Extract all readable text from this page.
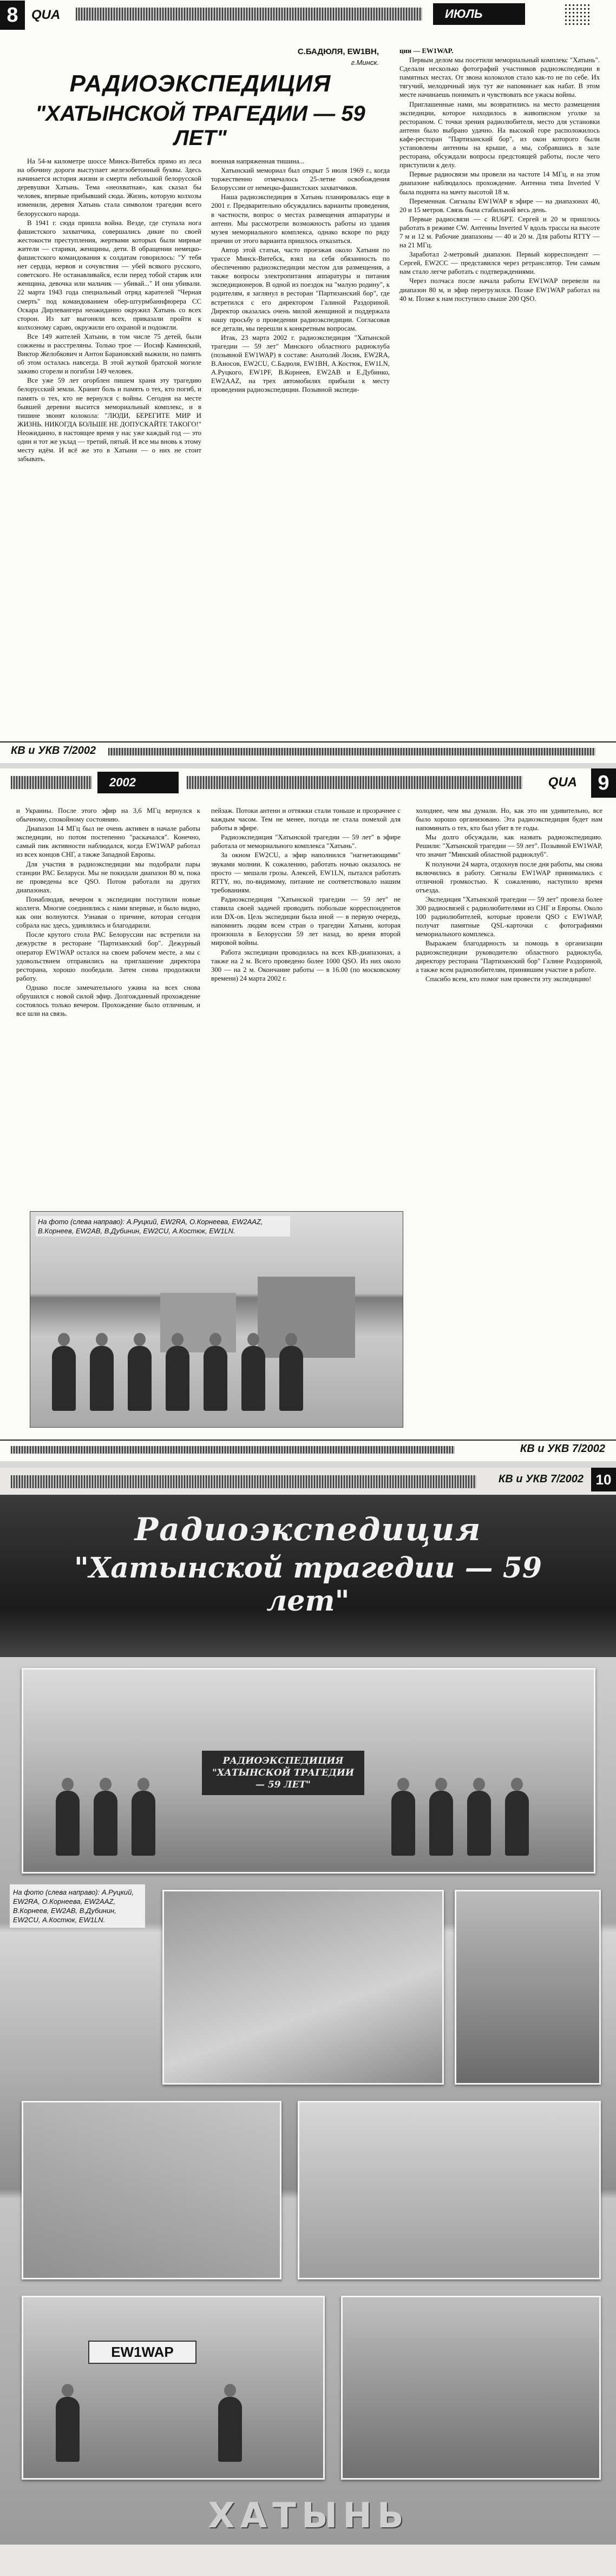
8	QUA	ИЮЛЬ
С.БАДЮЛЯ, EW1BH,
г.Минск.
РАДИОЭКСПЕДИЦИЯ
"ХАТЫНСКОЙ ТРАГЕДИИ — 59 ЛЕТ"

На 54-м километре шоссе Минск-Витебск прямо из леса на обочину дороги выступает железобетонный буквы. Здесь начинается история жизни и смерти небольшой белорусской деревушки Хатынь. Тема «неохватная», как сказал бы человек, впервые прибывший сюда. Жизнь, которую колхозы изменили, деревня Хатынь стала символом трагедии всего белорусского народа.

В 1941 г. сюда пришла война. Везде, где ступала нога фашистского захватчика, совершались дикие по своей жестокости преступления, жертвами которых были мирные жители — старики, женщины, дети. В обращении немецко-фашистского командования к солдатам говорилось: "У тебя нет сердца, нервов и сочувствия — убей всякого русского, советского. Не останавливайся, если перед тобой старик или женщина, девочка или мальчик — убивай..." И они убивали. 22 марта 1943 года специальный отряд карателей "Черная смерть" под командованием обер-штурмбаннфюрера СС Оскара Дирлевангера неожиданно окружил Хатынь со всех сторон. Из хат выгоняли всех, приказали пройти к колхозному сараю, окружили его охраной и подожгли.

Все 149 жителей Хатыни, в том числе 75 детей, были сожжены и расстреляны. Только трое — Иосиф Каминский, Виктор Желобкович и Антон Барановский выжили, но память об этом осталась навсегда. В этой жуткой братской могиле заживо сгорели и погибли 149 человек.

Все уже 59 лет огорблен пишем храня эту трагедию белорусский земли. Хранит боль и память о тех, кто погиб, и память о тех, кто не вернулся с войны. Сегодня на месте бывшей деревни высится мемориальный комплекс, и в тишине звонят колокола: "ЛЮДИ, БЕРЕГИТЕ МИР И ЖИЗНЬ. НИКОГДА БОЛЬШЕ НЕ ДОПУСКАЙТЕ ТАКОГО!" Неожиданно, в настоящее время у нас уже каждый год — это один и тот же уклад — третий, пятый. И все мы вновь к этому месту идём. И всё же это в Хатыни — о них не стоит забывать.

военная напряженная тишина...

Хатынский мемориал был открыт 5 июля 1969 г., когда торжественно отмечалось 25-летие освобождения Белоруссии от немецко-фашистских захватчиков.

Наша радиоэкспедиция в Хатынь планировалась еще в 2001 г. Предварительно обсуждались варианты проведения, в частности, вопрос о местах размещения аппаратуры и антенн. Мы рассмотрели возможность работы из здания музея мемориального комплекса, однако вскоре по ряду причин от этого варианта пришлось отказаться.

Автор этой статьи, часто проезжая около Хатыни по трассе Минск-Витебск, взял на себя обязанность по обеспечению радиоэкспедиции местом для размещения, а также вопросы электропитания аппаратуры и питания экспедиционеров. В одной из поездок на "малую родину", к родителям, я заглянул в ресторан "Партизанский бор", где встретился с его директором Галиной Раздориной. Директор оказалась очень милой женщиной и поддержала нашу просьбу о проведении радиоэкспедиции. Согласовав все детали, мы перешли к конкретным вопросам.

Итак, 23 марта 2002 г. радиоэкспедиция "Хатынской трагедии — 59 лет" Минского областного радиоклуба (позывной EW1WAP) в составе: Анатолий Лосик, EW2RA, В.Аносов, EW2CU, С.Бадюля, EW1BH, А.Костюк, EW1LN, А.Руцкого, EW1PF, В.Корнеев, EW2AB и Е.Дубинко, EW2AAZ, на трех автомобилях прибыли к месту проведения радиоэкспедиции. Позывной экспеди-

ции — EW1WAP.

Первым делом мы посетили мемориальный комплекс "Хатынь". Сделали несколько фотографий участников радиоэкспедиции в памятных местах. От звона колоколов стало как-то не по себе. Их тягучий, мелодичный звук тут же напоминает как набат. В этом месте начинаешь понимать и чувствовать все ужасы войны.

Приглашенные нами, мы возвратились на место размещения экспедиции, которое находилось в живописном уголке за рестораном. С точки зрения радиолюбителя, место для установки антенн было выбрано удачно. На высокой горе расположилось кафе-ресторан "Партизанский бор", из окон которого были установлены антенны на крыше, а мы, собравшись в зале ресторана, обсуждали вопросы предстоящей работы, после чего приступили к делу.

Первые радиосвязи мы провели на частоте 14 МГц, и на этом диапазоне наблюдалось прохождение. Антенна типа Inverted V была поднята на мачту высотой 18 м.

Переменная. Сигналы EW1WAP в эфире — на диапазонах 40, 20 и 15 метров. Связь была стабильной весь день.

Первые радиосвязи — с RU6PT. Сергей и 20 м пришлось работать в режиме CW. Антенны Inverted V вдоль трассы на высоте 7 м и 12 м. Рабочие диапазоны — 40 и 20 м. Для работы RTTY — на 21 МГц.

Заработал 2-метровый диапазон. Первый корреспондент — Сергей, EW2CC — представился через ретранслятор. Тем самым нам стало легче работать с подтверждениями.

Через полчаса после начала работы EW1WAP перевели на диапазон 80 м, и эфир перегрузился. Позже EW1WAP работал на 40 м. Позже к нам поступило свыше 200 QSO.

КВ и УКВ 7/2002
2002	QUA	9

и Украины. После этого эфир на 3,6 МГц вернулся к обычному, спокойному состоянию.

Диапазон 14 МГц был не очень активен в начале работы экспедиции, но потом постепенно "раскачался". Конечно, самый пик активности наблюдался, когда EW1WAP работал из всех концов СНГ, а также Западной Европы.

Для участия в радиоэкспедиции мы подобрали пары станции РАС Беларуси. Мы не покидали диапазон 80 м, пока не проведены все QSO. Потом работали на других диапазонах.

Понаблюдав, вечером к экспедиции поступили новые коллеги. Многие соединялись с нами впервые, и было видно, как они волнуются. Узнавая о причине, которая сегодня собрала нас здесь, удивлялись и благодарили.

После крутого стола РАС Белоруссии нас встретили на дежурстве в ресторане "Партизанский бор". Дежурный оператор EW1WAP остался на своем рабочем месте, а мы с удовольствием отправились на приглашение директора ресторана, хорошо пообедали. Затем снова продолжили работу.

Однако после замечательного ужина на всех снова обрушился с новой силой эфир. Долгожданный прохождение состоялось только вечером. Прохождение было отличным, и все шли на связь.

пейзаж. Потоки антенн и оттяжки стали тоньше и прозрачнее с каждым часом. Тем не менее, погода не стала помехой для работы в эфире.

Радиоэкспедиция "Хатынской трагедии — 59 лет" в эфире работала от мемориального комплекса "Хатынь".

За окном EW2CU, а эфир наполнился "нагнетающими" звуками молнии. К сожалению, работать ночью оказалось не просто — мешали грозы. Алексей, EW1LN, пытался работать RTTY, но, по-видимому, питание не соответствовало нашим требованиям.

Радиоэкспедиция "Хатынской трагедии — 59 лет" не ставила своей задачей проводить побольше корреспондентов или DX-ов. Цель экспедиции была иной — в первую очередь, напомнить людям всем стран о трагедии Хатыни, которая произошла в Белоруссии 59 лет назад, во время второй мировой войны.

Работа экспедиции проводилась на всех КВ-диапазонах, а также на 2 м. Всего проведено более 1000 QSO. Из них около 300 — на 2 м. Окончание работы — в 16.00 (по московскому времени) 24 марта 2002 г.

холоднее, чем мы думали. Но, как это ни удивительно, все было хорошо организовано. Эта радиоэкспедиция будет нам напоминать о тех, кто был убит в те годы.

Мы долго обсуждали, как назвать радиоэкспедицию. Решили: "Хатынской трагедии — 59 лет". Позывной EW1WAP, что значит "Минский областной радиоклуб".

К полуночи 24 марта, отдохнув после дня работы, мы снова включились в работу. Сигналы EW1WAP принимались с отличной громкостью. К сожалению, наступило время отъезда.

Экспедиция "Хатынской трагедии — 59 лет" провела более 300 радиосвязей с радиолюбителями из СНГ и Европы. Около 100 радиолюбителей, которые провели QSO с EW1WAP, получат памятные QSL-карточки с фотографиями мемориального комплекса.

Выражаем благодарность за помощь в организации радиоэкспедиции руководителю областного радиоклуба, директору ресторана "Партизанский бор" Галине Раздориной, а также всем радиолюбителям, принявшим участие в работе.

Спасибо всем, кто помог нам провести эту экспедицию!

На фото (слева направо): А.Руцкий, EW2RA, О.Корнеева, EW2AAZ, В.Корнеев, EW2AB, В.Дубинин, EW2CU, А.Костюк, EW1LN.
КВ и УКВ 7/2002
КВ и УКВ 7/2002 10
Радиоэкспедиция
"Хатынской трагедии — 59 лет"
РАДИОЭКСПЕДИЦИЯ "ХАТЫНСКОЙ ТРАГЕДИИ — 59 ЛЕТ"
На фото (слева направо): А.Руцкий, EW2RA, О.Корнеева, EW2AAZ, В.Корнеев, EW2AB, В.Дубинин, EW2CU, А.Костюк, EW1LN.
EW1WAP
ХАТЫНЬ
